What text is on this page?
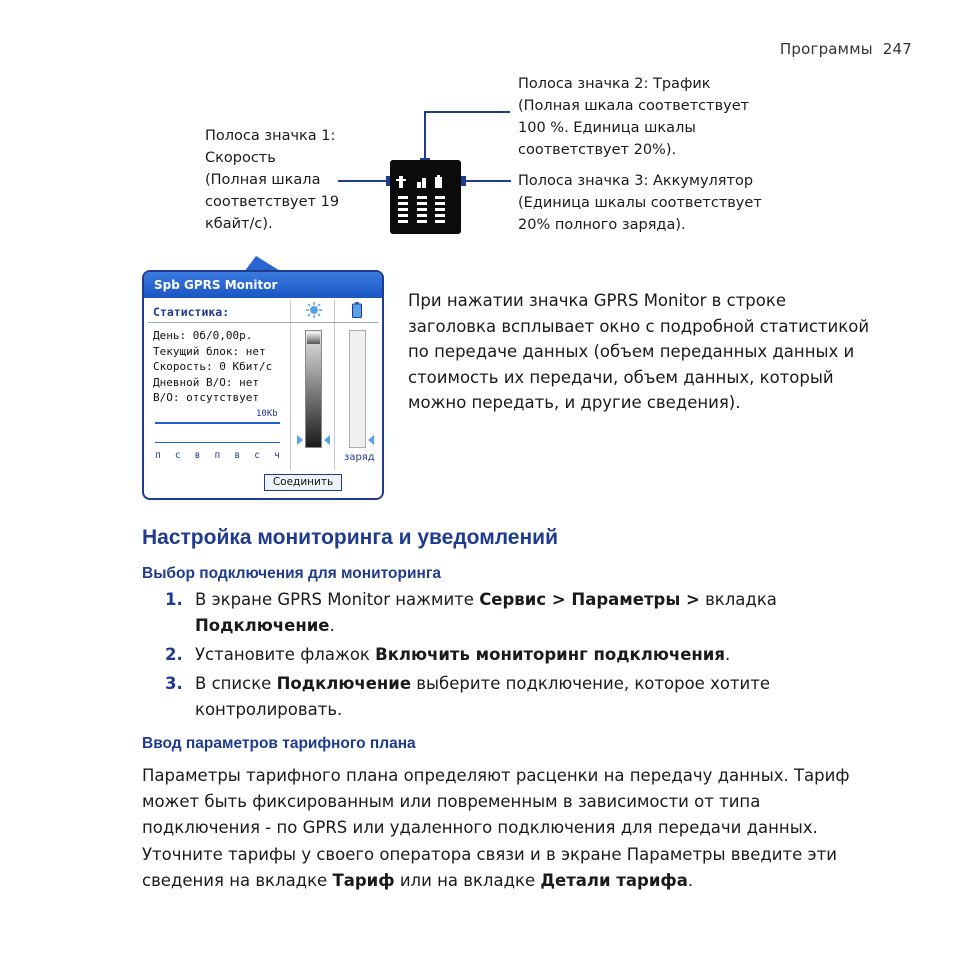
Программы 247
Полоса значка 1:
Скорость
(Полная шкала
соответствует 19
кбайт/с).
Полоса значка 2: Трафик
(Полная шкала соответствует
100 %. Единица шкалы
соответствует 20%).
Полоса значка 3: Аккумулятор
(Единица шкалы соответствует
20% полного заряда).
Spb GPRS Monitor
Статистика:
День: 0б/0,00р.
Текущий блок: нет
Скорость: 0 Кбит/с
Дневной В/О: нет
В/О: отсутствует
10Kb
п с в п в с ч	заряд
Соединить
При нажатии значка GPRS Monitor в строке заголовка всплывает окно с подробной статистикой по передаче данных (объем переданных данных и стоимость их передачи, объем данных, который можно передать, и другие сведения).
Настройка мониторинга и уведомлений
Выбор подключения для мониторинга
1. В экране GPRS Monitor нажмите Сервис > Параметры > вкладка Подключение.
2. Установите флажок Включить мониторинг подключения.
3. В списке Подключение выберите подключение, которое хотите контролировать.
Ввод параметров тарифного плана
Параметры тарифного плана определяют расценки на передачу данных. Тариф может быть фиксированным или повременным в зависимости от типа подключения - по GPRS или удаленного подключения для передачи данных.
Уточните тарифы у своего оператора связи и в экране Параметры введите эти сведения на вкладке Тариф или на вкладке Детали тарифа.
